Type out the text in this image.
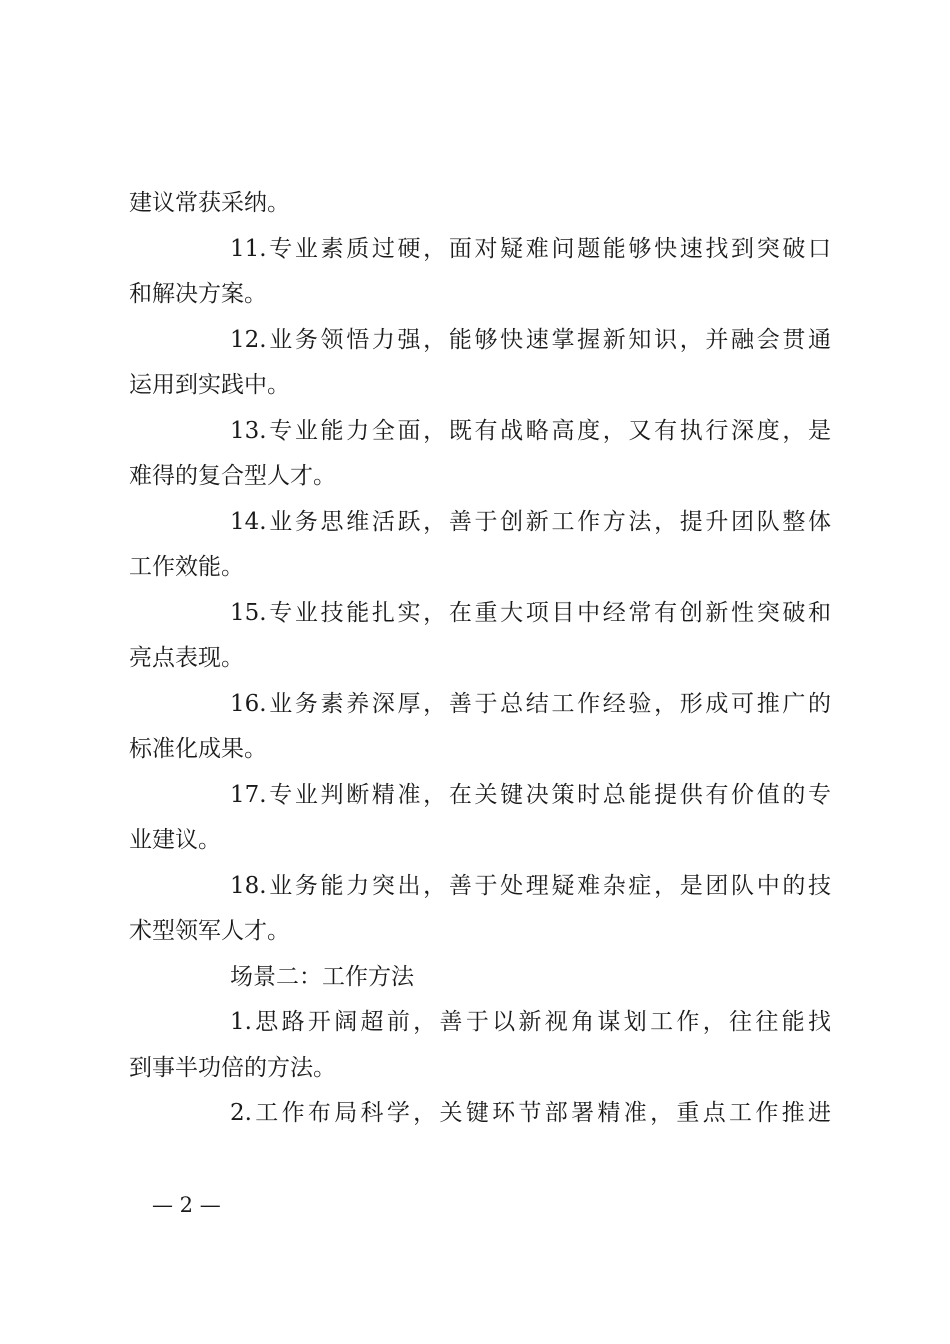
建议常获采纳。
11.专业素质过硬，面对疑难问题能够快速找到突破口
和解决方案。
12.业务领悟力强，能够快速掌握新知识，并融会贯通
运用到实践中。
13.专业能力全面，既有战略高度，又有执行深度，是
难得的复合型人才。
14.业务思维活跃，善于创新工作方法，提升团队整体
工作效能。
15.专业技能扎实，在重大项目中经常有创新性突破和
亮点表现。
16.业务素养深厚，善于总结工作经验，形成可推广的
标准化成果。
17.专业判断精准，在关键决策时总能提供有价值的专
业建议。
18.业务能力突出，善于处理疑难杂症，是团队中的技
术型领军人才。
场景二：工作方法
1.思路开阔超前，善于以新视角谋划工作，往往能找
到事半功倍的方法。
2.工作布局科学，关键环节部署精准，重点工作推进
— 2 —
